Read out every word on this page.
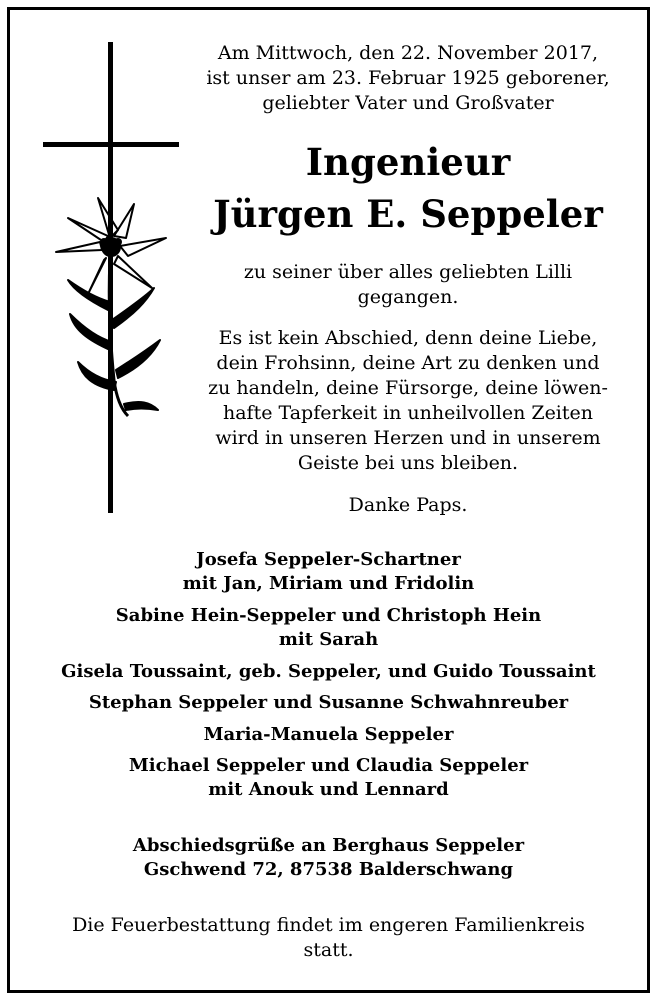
Am Mittwoch, den 22. November 2017,
ist unser am 23. Februar 1925 geborener,
geliebter Vater und Großvater
Ingenieur
Jürgen E. Seppeler
zu seiner über alles geliebten Lilli
gegangen.
Es ist kein Abschied, denn deine Liebe,
dein Frohsinn, deine Art zu denken und
zu handeln, deine Fürsorge, deine löwen-
hafte Tapferkeit in unheilvollen Zeiten
wird in unseren Herzen und in unserem
Geiste bei uns bleiben.
Danke Paps.
Josefa Seppeler-Schartner
mit Jan, Miriam und Fridolin
Sabine Hein-Seppeler und Christoph Hein
mit Sarah
Gisela Toussaint, geb. Seppeler, und Guido Toussaint
Stephan Seppeler und Susanne Schwahnreuber
Maria-Manuela Seppeler
Michael Seppeler und Claudia Seppeler
mit Anouk und Lennard
Abschiedsgrüße an Berghaus Seppeler
Gschwend 72, 87538 Balderschwang
Die Feuerbestattung findet im engeren Familienkreis
statt.
